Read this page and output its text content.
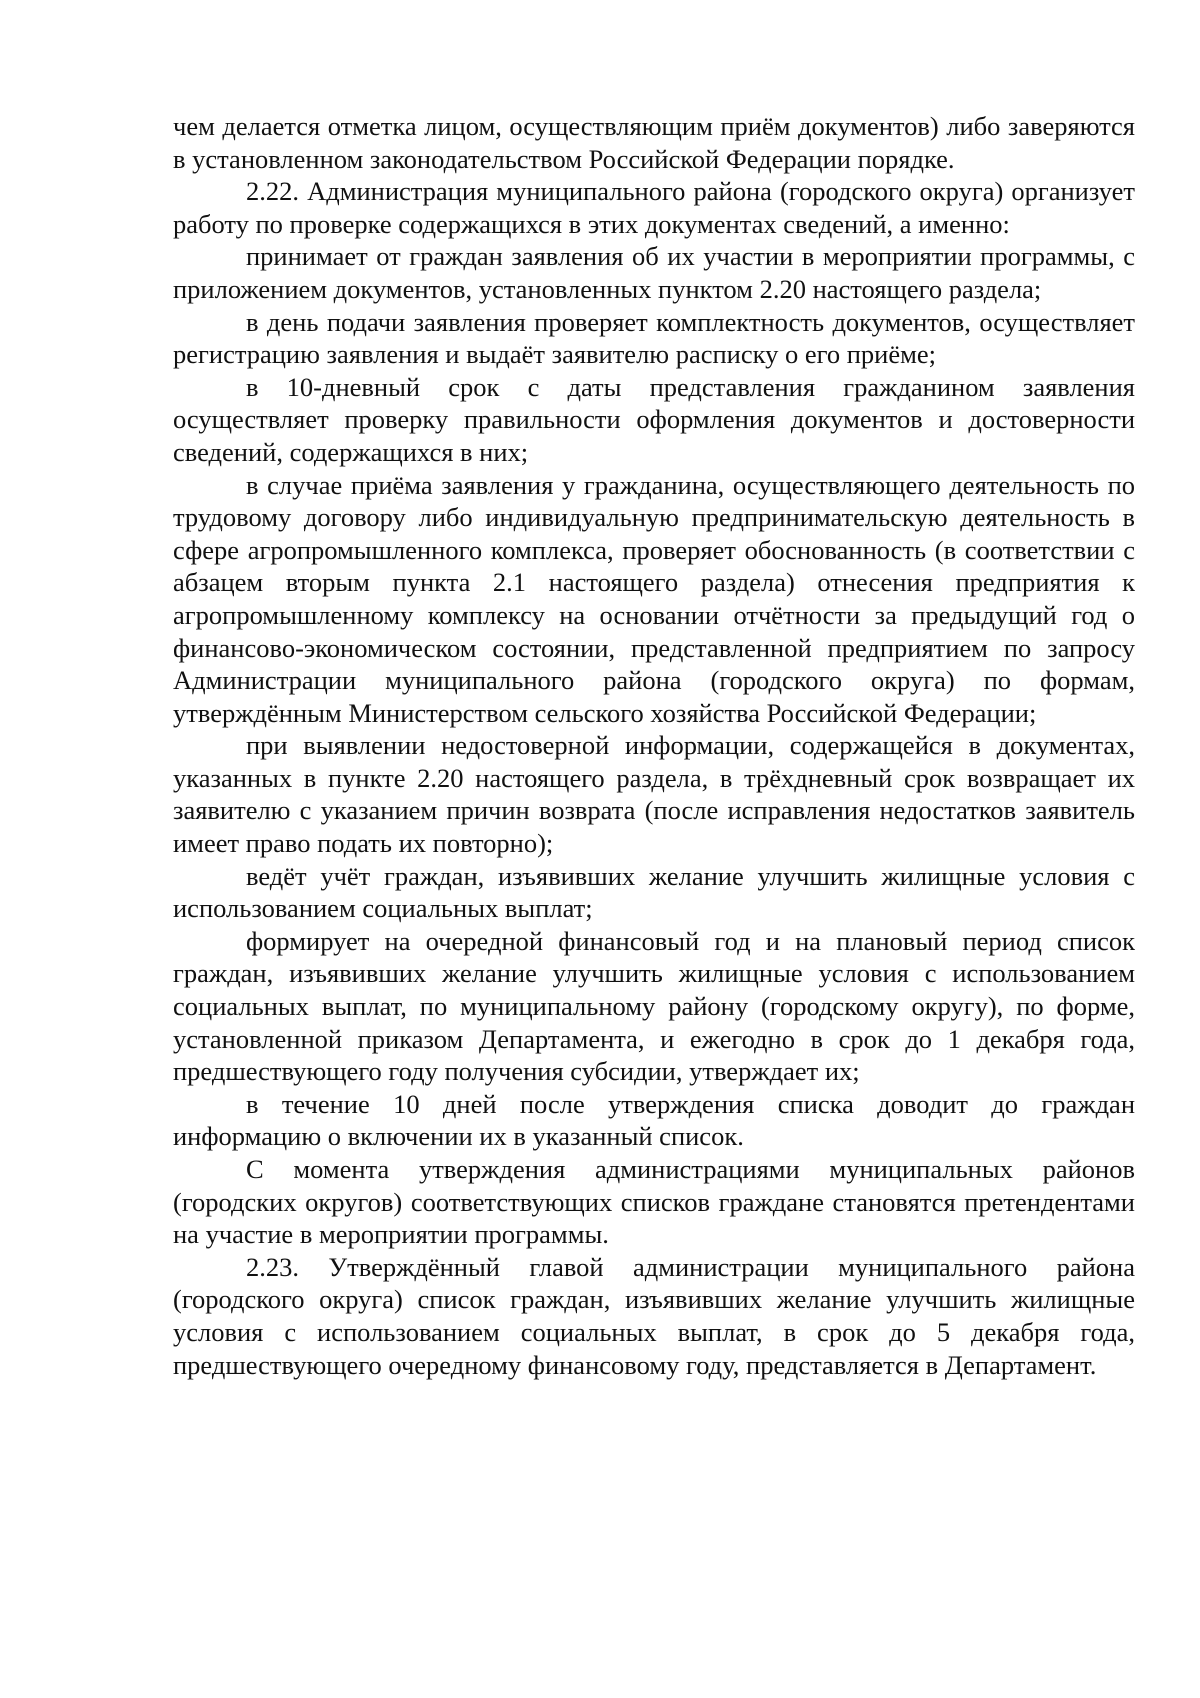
чем делается отметка лицом, осуществляющим приём документов) либо заверяются в установленном законодательством Российской Федерации порядке.

2.22. Администрация муниципального района (городского округа) организует работу по проверке содержащихся в этих документах сведений, а именно:

принимает от граждан заявления об их участии в мероприятии программы, с приложением документов, установленных пунктом 2.20 настоящего раздела;

в день подачи заявления проверяет комплектность документов, осуществляет регистрацию заявления и выдаёт заявителю расписку о его приёме;

в 10-дневный срок с даты представления гражданином заявления осуществляет проверку правильности оформления документов и достоверности сведений, содержащихся в них;

в случае приёма заявления у гражданина, осуществляющего деятельность по трудовому договору либо индивидуальную предпринимательскую деятельность в сфере агропромышленного комплекса, проверяет обоснованность (в соответствии с абзацем вторым пункта 2.1 настоящего раздела) отнесения предприятия к агропромышленному комплексу на основании отчётности за предыдущий год о финансово-экономическом состоянии, представленной предприятием по запросу Администрации муниципального района (городского округа) по формам, утверждённым Министерством сельского хозяйства Российской Федерации;

при выявлении недостоверной информации, содержащейся в документах, указанных в пункте 2.20 настоящего раздела, в трёхдневный срок возвращает их заявителю с указанием причин возврата (после исправления недостатков заявитель имеет право подать их повторно);

ведёт учёт граждан, изъявивших желание улучшить жилищные условия с использованием социальных выплат;

формирует на очередной финансовый год и на плановый период список граждан, изъявивших желание улучшить жилищные условия с использованием социальных выплат, по муниципальному району (городскому округу), по форме, установленной приказом Департамента, и ежегодно в срок до 1 декабря года, предшествующего году получения субсидии, утверждает их;

в течение 10 дней после утверждения списка доводит до граждан информацию о включении их в указанный список.

С момента утверждения администрациями муниципальных районов (городских округов) соответствующих списков граждане становятся претендентами на участие в мероприятии программы.

2.23. Утверждённый главой администрации муниципального района (городского округа) список граждан, изъявивших желание улучшить жилищные условия с использованием социальных выплат, в срок до 5 декабря года, предшествующего очередному финансовому году, представляется в Департамент.
